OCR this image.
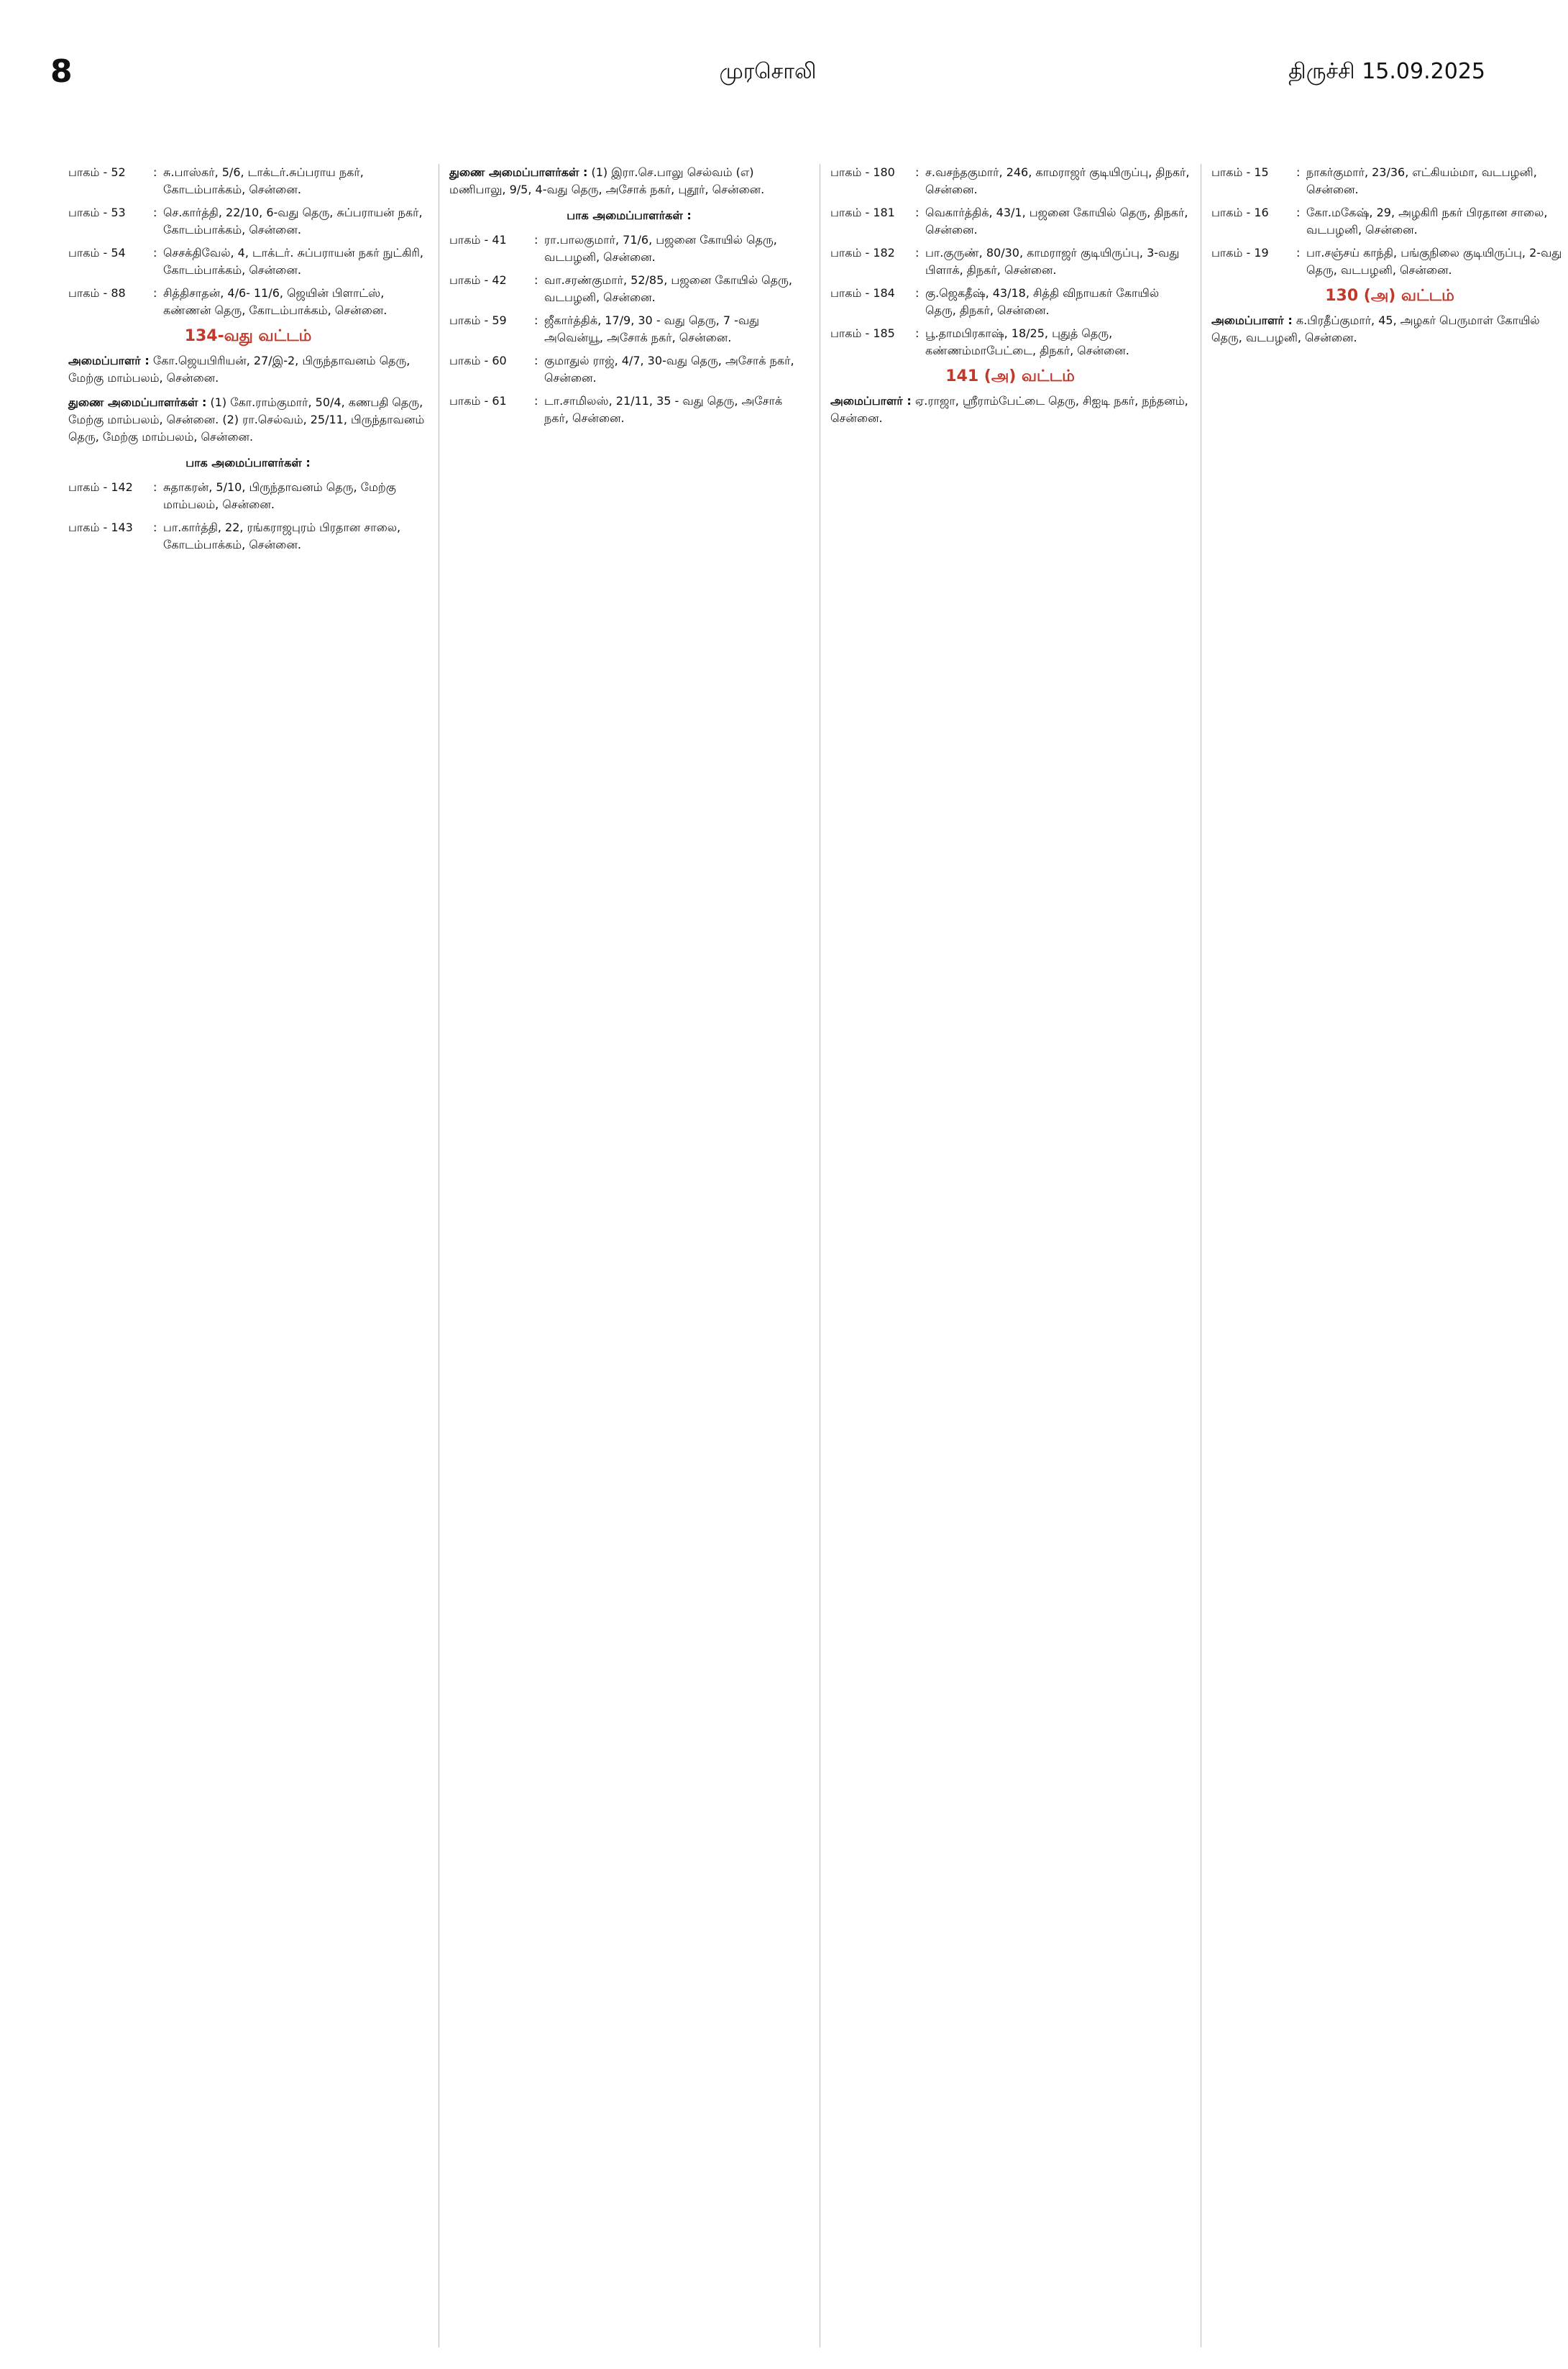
8	முரசொலி	திருச்சி 15.09.2025
பாகம் - 52	: சு.பாஸ்கர், 5/6, டாக்டர்.சுப்பராய நகர், கோடம்பாக்கம், சென்னை.
பாகம் - 53	: செ.கார்த்தி, 22/10, 6-வது தெரு, சுப்பராயன் நகர், கோடம்பாக்கம், சென்னை.
பாகம் - 54	: செசக்திவேல், 4, டாக்டர். சுப்பராயன் நகர் நுட்கிரி, கோடம்பாக்கம், சென்னை.
பாகம் - 88	: சித்திசாதன், 4/6- 11/6, ஜெயின் பிளாட்ஸ், கண்ணன் தெரு, கோடம்பாக்கம், சென்னை.
134-வது வட்டம்
அமைப்பாளர் : கோ.ஜெயபிரியன், 27/இ-2, பிருந்தாவனம் தெரு, மேற்கு மாம்பலம், சென்னை.
துணை அமைப்பாளர்கள் : (1) கோ.ராம்குமார், 50/4, கணபதி தெரு, மேற்கு மாம்பலம், சென்னை. (2) ரா.செல்வம், 25/11, பிருந்தாவனம் தெரு, மேற்கு மாம்பலம், சென்னை.
பாக அமைப்பாளர்கள் :
பாகம் - 142	: சுதாகரன், 5/10, பிருந்தாவனம் தெரு, மேற்கு மாம்பலம், சென்னை.
பாகம் - 143	: பா.கார்த்தி, 22, ரங்கராஜபுரம் பிரதான சாலை, கோடம்பாக்கம், சென்னை.
துணை அமைப்பாளர்கள் : (1) இரா.செ.பாலு செல்வம் (எ) மணிபாலு, 9/5, 4-வது தெரு, அசோக் நகர், புதூர், சென்னை.
பாக அமைப்பாளர்கள் :
பாகம் - 41	: ரா.பாலகுமார், 71/6, பஜனை கோயில் தெரு, வடபழனி, சென்னை.
பாகம் - 42	: வா.சரண்குமார், 52/85, பஜனை கோயில் தெரு, வடபழனி, சென்னை.
பாகம் - 59	: ஜீகார்த்திக், 17/9, 30 - வது தெரு, 7 -வது அவென்யூ, அசோக் நகர், சென்னை.
பாகம் - 60	: குமாதுல் ராஜ், 4/7, 30-வது தெரு, அசோக் நகர், சென்னை.
பாகம் - 61	: டா.சாமிலஸ், 21/11, 35 - வது தெரு, அசோக் நகர், சென்னை.
பாகம் - 180	: ச.வசந்தகுமார், 246, காமராஜர் குடியிருப்பு, திநகர், சென்னை.
பாகம் - 181	: வெகார்த்திக், 43/1, பஜனை கோயில் தெரு, திநகர், சென்னை.
பாகம் - 182	: பா.குருண், 80/30, காமராஜர் குடியிருப்பு, 3-வது பிளாக், திநகர், சென்னை.
பாகம் - 184	: கு.ஜெகதீஷ், 43/18, சித்தி விநாயகர் கோயில் தெரு, திநகர், சென்னை.
பாகம் - 185	: பூ.தாமபிரகாஷ், 18/25, புதுத் தெரு, கண்ணம்மாபேட்டை, திநகர், சென்னை.
141 (அ) வட்டம்
அமைப்பாளர் : ஏ.ராஜா, ஸ்ரீராம்பேட்டை தெரு, சிஐடி நகர், நந்தனம், சென்னை.
பாகம் - 15	: நாகர்குமார், 23/36, எட்கியம்மா, வடபழனி, சென்னை.
பாகம் - 16	: கோ.மகேஷ், 29, அழகிரி நகர் பிரதான சாலை, வடபழனி, சென்னை.
பாகம் - 19	: பா.சஞ்சய் காந்தி, பங்குநிலை குடியிருப்பு, 2-வது தெரு, வடபழனி, சென்னை.
130 (அ) வட்டம்
அமைப்பாளர் : க.பிரதீப்குமார், 45, அழகர் பெருமாள் கோயில் தெரு, வடபழனி, சென்னை.
